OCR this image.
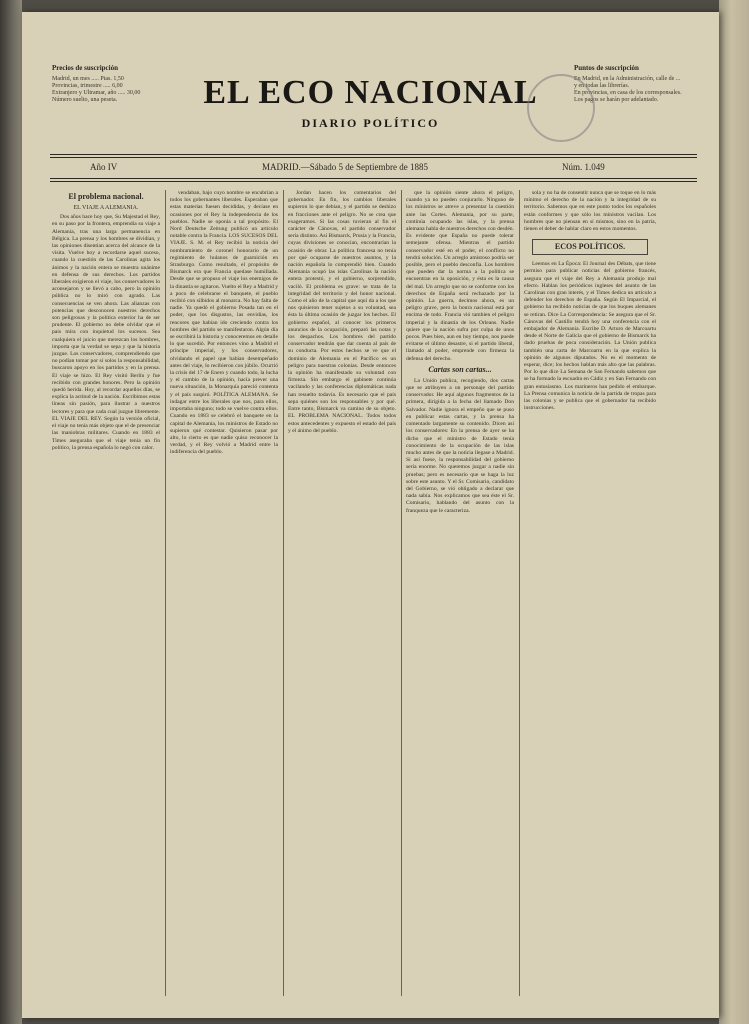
Precios de suscripción
Madrid, un mes ..... Ptas. 1,50
Provincias, trimestre ..... 6,00
Extranjero y Ultramar, año ..... 30,00
Número suelto, una peseta.	EL ECO NACIONAL
DIARIO POLÍTICO
Puntos de suscripción
En Madrid, en la Administración, calle de ... y en todas las librerías.
En provincias, en casa de los corresponsales.
Los pagos se harán por adelantado.
Año IV	MADRID.—Sábado 5 de Septiembre de 1885	Núm. 1.049

El problema nacional.

EL VIAJE A ALEMANIA.

Dos años hace hoy que, Su Majestad el Rey, en su paso por la frontera, emprendía su viaje a Alemania, tras una larga permanencia en Bélgica. La prensa y los hombres se dividían, y las opiniones disentían acerca del alcance de la visita. Vuelve hoy a recordarse aquel suceso, cuando la cuestión de las Carolinas agita los ánimos y la nación entera se muestra unánime en defensa de sus derechos. Los partidos liberales exigieron el viaje, los conservadores lo aconsejaron y se llevó a cabo, pero la opinión pública no lo miró con agrado. Las consecuencias se ven ahora. Las alianzas con potencias que desconocen nuestros derechos son peligrosas y la política exterior ha de ser prudente. El gobierno no debe olvidar que el país mira con inquietud los sucesos. Sea cualquiera el juicio que merezcan los hombres, importa que la verdad se sepa y que la historia juzgue. Los conservadores, comprendiendo que no podían tomar por sí solos la responsabilidad, buscaron apoyo en los partidos y en la prensa. El viaje se hizo. El Rey visitó Berlín y fue recibido con grandes honores. Pero la opinión quedó herida. Hoy, al recordar aquellos días, se explica la actitud de la nación. Escribimos estas líneas sin pasión, para ilustrar a nuestros lectores y para que cada cual juzgue libremente. EL VIAJE DEL REY. Según la versión oficial, el viaje no tenía más objeto que el de presenciar las maniobras militares. Cuando en 1883 el Times aseguraba que el viaje tenía un fin político, la prensa española lo negó con calor.

vendaban, bajo cuyo nombre se encubrían a todos los gobernantes liberales. Esperaban que estas materias fuesen decididas, y decíase en ocasiones por el Rey la independencia de los pueblos. Nadie se oponía a tal propósito. El Nord Deutsche Zeitung publicó un artículo notable contra la Francia. LOS SUCESOS DEL VIAJE. S. M. el Rey recibió la noticia del nombramiento de coronel honorario de un regimiento de hulanos de guarnición en Strasburgo. Como resultado, el propósito de Bismarck era que Francia quedase humillada. Desde que se propuso el viaje los enemigos de la dinastía se agitaron. Vuelto el Rey a Madrid y a poco de celebrarse el banquete, el pueblo recibió con silbidos al monarca. No hay falta de nadie. Ya quedó el gobierno Posada tan en el poder, que los disgustos, las envidias, los rencores que habían ido creciendo contra los hombres del partido se manifestaron. Algún día se escribirá la historia y conoceremos en detalle lo que sucedió. Por entonces vino a Madrid el príncipe imperial, y los conservadores, olvidando el papel que habían desempeñado antes del viaje, lo recibieron con júbilo. Ocurrió la crisis del 17 de Enero y cuando todo, la lucha y el cambio de la opinión, hacía prever una nueva situación, la Monarquía pareció contenta y el país suspiró. POLÍTICA ALEMANA. Se indagar entre los liberales que nos, para ellos, importaba ninguno; todo se vuelve contra ellos. Cuando en 1883 se celebró el banquete en la capital de Alemania, los ministros de Estado no supieron qué contestar. Quisieron pasar por alto, lo cierto es que nadie quiso reconocer la verdad, y el Rey volvió a Madrid entre la indiferencia del pueblo.

Jordan hacen los comentarios del gobernador. En fin, los cambios liberales supieron lo que debían, y el partido se deshizo en fracciones ante el peligro. No se crea que exageramos. Si las cosas tuvieran al fin el carácter de Cánovas, el partido conservador sería distinto. Así Bismarck, Prusia y la Francia, cuyas divisiones se conocían, encontrarían la ocasión de obrar. La política francesa no tenía por qué ocuparse de nuestros asuntos, y la nación española lo comprendió bien. Cuando Alemania ocupó las islas Carolinas la nación entera protestó, y el gobierno, sorprendido, vaciló. El problema es grave: se trata de la integridad del territorio y del honor nacional. Como el año de la capital que aquí da a los que nos quisieron tener sujetos a su voluntad, sea ésta la última ocasión de juzgar los hechos. El gobierno español, al conocer los primeros anuncios de la ocupación, preparó las notas y los despachos. Los hombres del partido conservador tendrán que dar cuenta al país de su conducta. Por estos hechos se ve que el dominio de Alemania en el Pacífico es un peligro para nuestras colonias. Desde entonces la opinión ha manifestado su voluntad con firmeza. Sin embargo el gabinete continúa vacilando y las conferencias diplomáticas nada han resuelto todavía. Es necesario que el país sepa quiénes son los responsables y por qué. Entre tanto, Bismarck va camino de su objeto. EL PROBLEMA NACIONAL. Todos todos estos antecedentes y expuesto el estado del país y el ánimo del pueblo.

que la opinión siente ahora el peligro, cuando ya no pueden conjurarlo. Ninguno de los ministros se atreve a presentar la cuestión ante las Cortes. Alemania, por su parte, continúa ocupando las islas, y la prensa alemana habla de nuestros derechos con desdén. Es evidente que España no puede tolerar semejante ofensa. Mientras el partido conservador esté en el poder, el conflicto no tendrá solución. Un arreglo amistoso podría ser posible, pero el pueblo desconfía. Los hombres que pueden dar la norma a la política se encuentran en la oposición, y ésta es la causa del mal. Un arreglo que no se conforme con los derechos de España será rechazado por la opinión. La guerra, decimos ahora, es un peligro grave, pero la honra nacional está por encima de todo. Francia vió tambien el peligro imperial y la dinastía de los Orleans. Nadie quiere que la nación sufra por culpa de unos pocos. Pues bien, aun en hoy tiempo, nos puede evitarse el último desastre, si el partido liberal, llamado al poder, emprende con firmeza la defensa del derecho.

Cartas son cartas...

La Unión publica, recogiendo, dos cartas que se atribuyen a un personaje del partido conservador. He aquí algunos fragmentos de la primera, dirigida a la fecha del llamado Don Salvador. Nadie ignora el empeño que se puso en publicar estas cartas, y la prensa ha comentado largamente su contenido. Dicen así los conservadores: En la prensa de ayer se ha dicho que el ministro de Estado tenía conocimiento de la ocupación de las islas mucho antes de que la noticia llegase a Madrid. Si así fuese, la responsabilidad del gobierno sería enorme. No queremos juzgar a nadie sin pruebas; pero es necesario que se haga la luz sobre este asunto. Y el Sr. Comisario, candidato del Gobierno, se vió obligado a declarar que nada sabía. Nos explicamos que sea éste el Sr. Comisario, hablando del asunto con la franqueza que le caracteriza.

sola y no ha de consentir nunca que se toque en lo más mínimo el derecho de la nación y la integridad de su territorio. Sabemos que en este punto todos los españoles están conformes y que sólo los ministros vacilan. Los hombres que no piensan en sí mismos, sino en la patria, tienen el deber de hablar claro en estos momentos.

ECOS POLÍTICOS.

Leemos en La Época: El Journal des Débats, que tiene permiso para publicar noticias del gobierno francés, asegura que el viaje del Rey a Alemania produjo mal efecto. Hablan los periódicos ingleses del asunto de las Carolinas con gran interés, y el Times dedica un artículo a defender los derechos de España. Según El Imparcial, el gobierno ha recibido noticias de que los buques alemanes se retiran. Dice La Correspondencia: Se asegura que el Sr. Cánovas del Castillo tendrá hoy una conferencia con el embajador de Alemania. Escribe D. Arturo de Marcoartu desde el Norte de Galicia que el gobierno de Bismarck ha dado pruebas de poca consideración. La Unión publica también una carta de Marcoartu en la que explica la opinión de algunos diputados. No es el momento de esperar, dice; los hechos hablan más alto que las palabras. Por lo que dice La Semana de San Fernando sabemos que se ha formado la escuadra en Cádiz y en San Fernando con gran entusiasmo. Los marineros han pedido el embarque. La Prensa comunica la noticia de la partida de tropas para las colonias y se publica que el gobernador ha recibido instrucciones.
